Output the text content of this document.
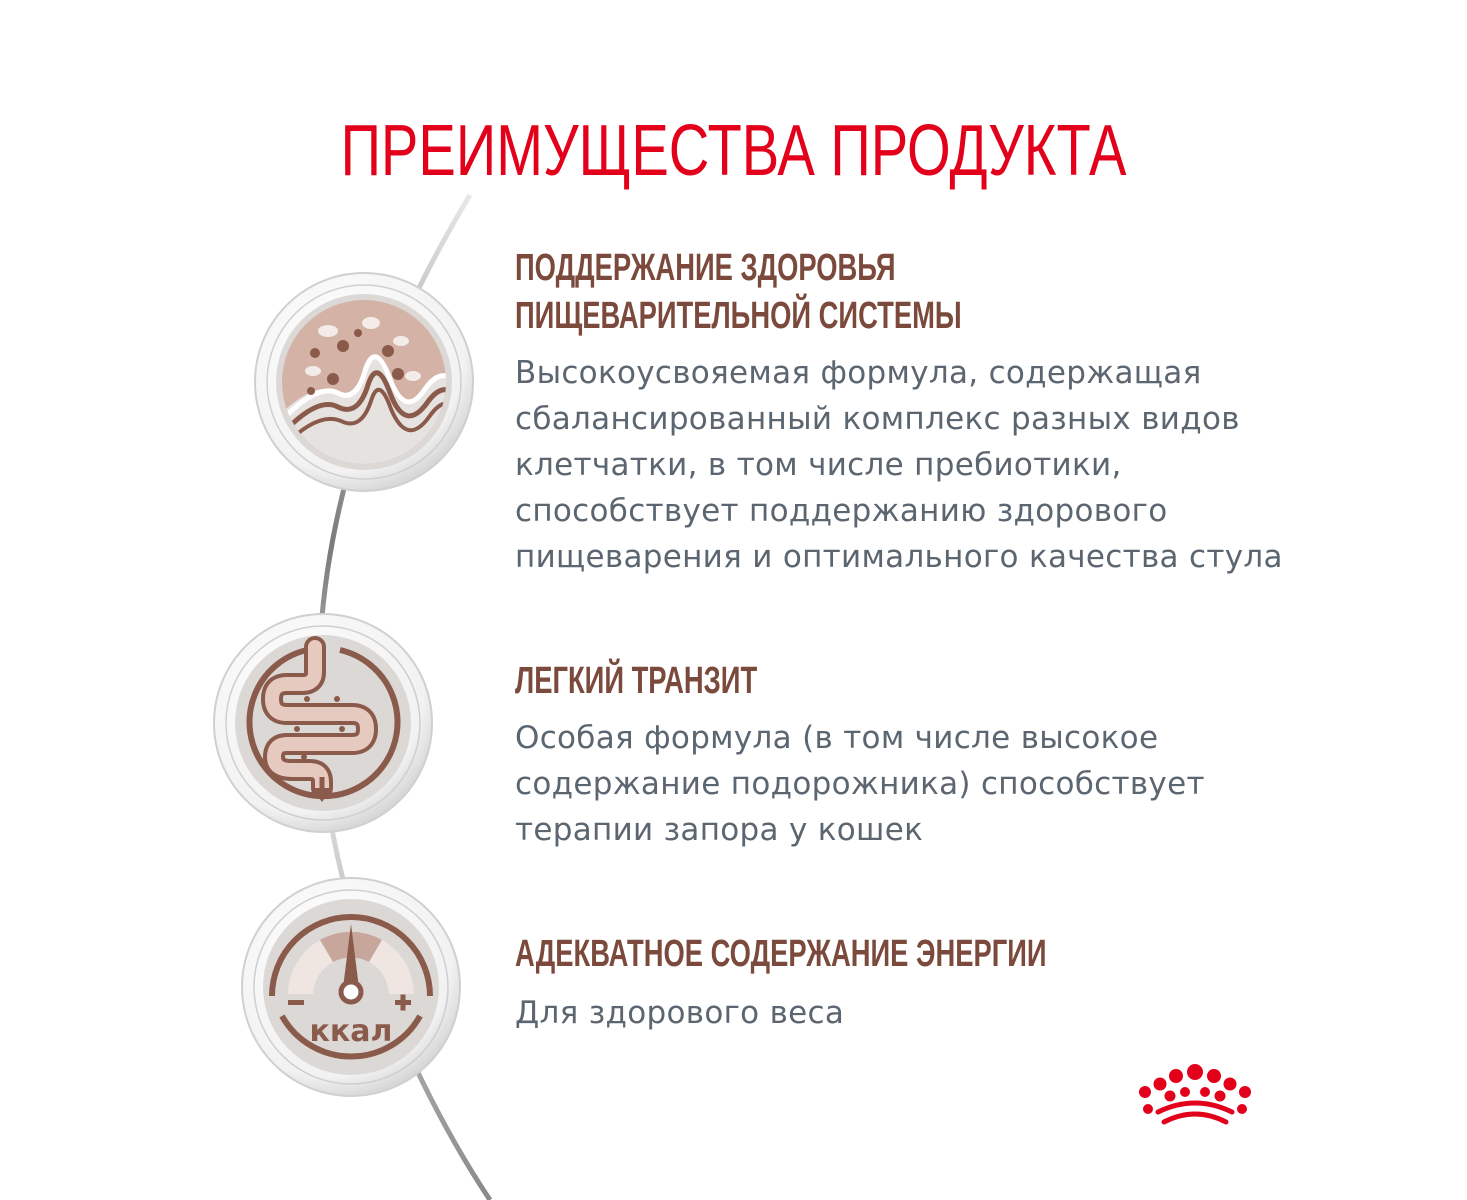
ПРЕИМУЩЕСТВА ПРОДУКТА
ккал
ПОДДЕРЖАНИЕ ЗДОРОВЬЯ
ПИЩЕВАРИТЕЛЬНОЙ СИСТЕМЫ

Высокоусвояемая формула, содержащая
сбалансированный комплекс разных видов
клетчатки, в том числе пребиотики,
способствует поддержанию здорового
пищеварения и оптимального качества стула

ЛЕГКИЙ ТРАНЗИТ

Особая формула (в том числе высокое
содержание подорожника) способствует
терапии запора у кошек

АДЕКВАТНОЕ СОДЕРЖАНИЕ ЭНЕРГИИ

Для здорового веса
